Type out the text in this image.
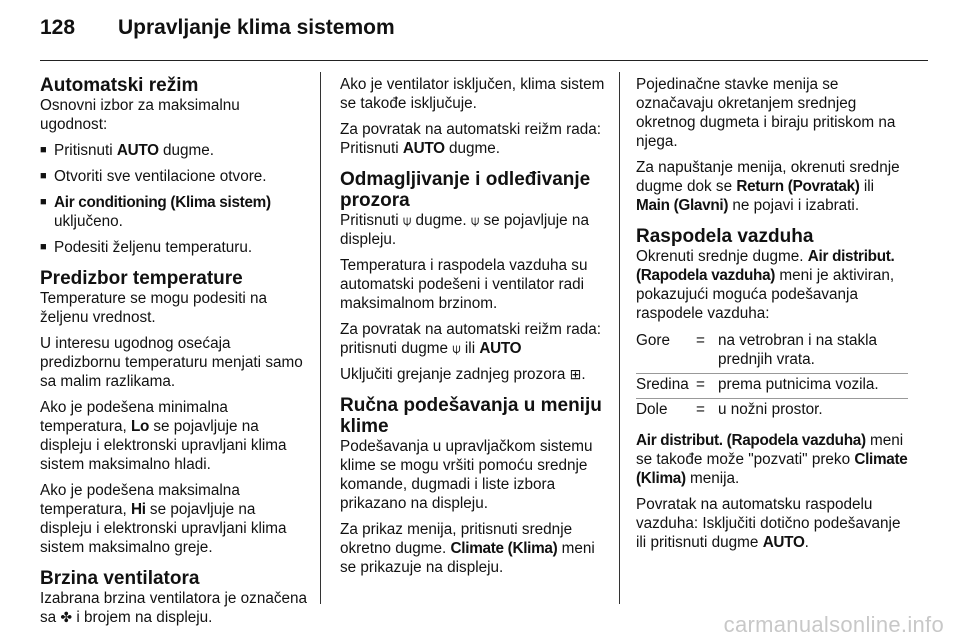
128	Upravljanje klima sistemom
Automatski režim

Osnovni izbor za maksimalnu ugodnost:

■ Pritisnuti AUTO dugme.
■ Otvoriti sve ventilacione otvore.
■ Air conditioning (Klima sistem) uključeno.
■ Podesiti željenu temperaturu.
Predizbor temperature

Temperature se mogu podesiti na željenu vrednost.

U interesu ugodnog osećaja predizbornu temperaturu menjati samo sa malim razlikama.

Ako je podešena minimalna temperatura, Lo se pojavljuje na displeju i elektronski upravljani klima sistem maksimalno hladi.

Ako je podešena maksimalna temperatura, Hi se pojavljuje na displeju i elektronski upravljani klima sistem maksimalno greje.

Brzina ventilatora

Izabrana brzina ventilatora je označena sa ✤ i brojem na displeju.

Ako je ventilator isključen, klima sistem se takođe isključuje.

Za povratak na automatski reižm rada: Pritisnuti AUTO dugme.

Odmagljivanje i odleđivanje prozora

Pritisnuti ⍦ dugme. ⍦ se pojavljuje na displeju.

Temperatura i raspodela vazduha su automatski podešeni i ventilator radi maksimalnom brzinom.

Za povratak na automatski reižm rada: pritisnuti dugme ⍦ ili AUTO

Uključiti grejanje zadnjeg prozora ⊞.

Ručna podešavanja u meniju klime

Podešavanja u upravljačkom sistemu klime se mogu vršiti pomoću srednje komande, dugmadi i liste izbora prikazano na displeju.

Za prikaz menija, pritisnuti srednje okretno dugme. Climate (Klima) meni se prikazuje na displeju.

Pojedinačne stavke menija se označavaju okretanjem srednjeg okretnog dugmeta i biraju pritiskom na njega.

Za napuštanje menija, okrenuti srednje dugme dok se Return (Povratak) ili Main (Glavni) ne pojavi i izabrati.

Raspodela vazduha

Okrenuti srednje dugme. Air distribut. (Rapodela vazduha) meni je aktiviran, pokazujući moguća podešavanja raspodele vazduha:

Gore	=	na vetrobran i na stakla prednjih vrata.
Sredina	=	prema putnicima vozila.
Dole	=	u nožni prostor.

Air distribut. (Rapodela vazduha) meni se takođe može "pozvati" preko Climate (Klima) menija.

Povratak na automatsku raspodelu vazduha: Isključiti dotično podešavanje ili pritisnuti dugme AUTO.

carmanualsonline.info
